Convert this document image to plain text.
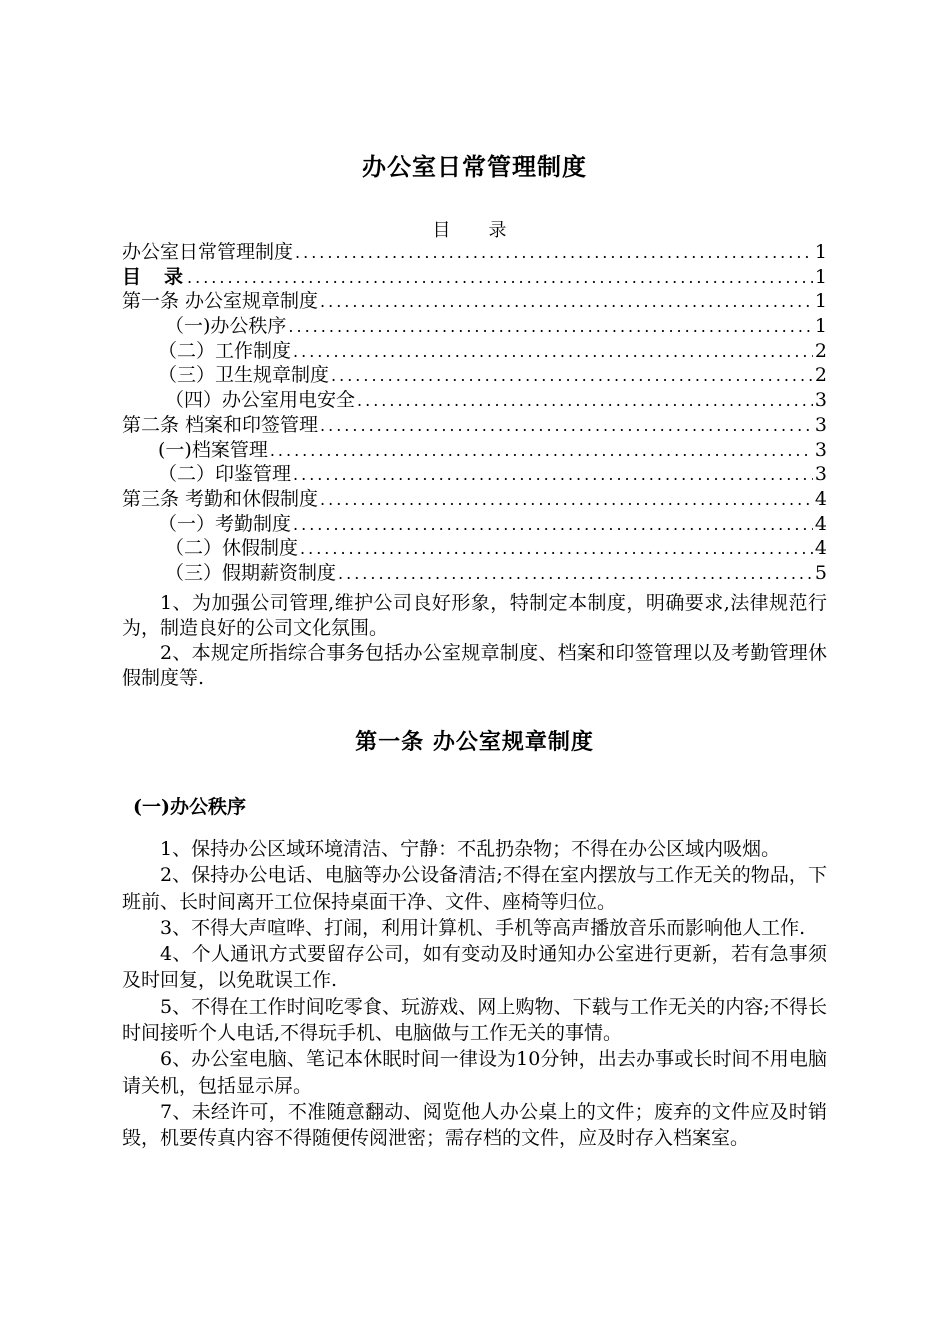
办公室日常管理制度
目　录
办公室日常管理制度 .....	1
目　录 .....	1
第一条 办公室规章制度 .....	1
（一)办公秩序 .....	1
（二）工作制度 .....	2
（三）卫生规章制度 .....	2
（四）办公室用电安全 .....	3
第二条 档案和印签管理 .....	3
(一)档案管理 .....	3
（二）印鉴管理 .....	3
第三条 考勤和休假制度 .....	4
（一）考勤制度 .....	4
（二）休假制度 .....	4
（三）假期薪资制度 .....	5

1、为加强公司管理,维护公司良好形象，特制定本制度，明确要求,法律规范行为，制造良好的公司文化氛围。

2、本规定所指综合事务包括办公室规章制度、档案和印签管理以及考勤管理休假制度等.

第一条 办公室规章制度
(一)办公秩序

1、保持办公区域环境清洁、宁静：不乱扔杂物；不得在办公区域内吸烟。

2、保持办公电话、电脑等办公设备清洁;不得在室内摆放与工作无关的物品，下班前、长时间离开工位保持桌面干净、文件、座椅等归位。

3、不得大声喧哗、打闹，利用计算机、手机等高声播放音乐而影响他人工作.

4、个人通讯方式要留存公司，如有变动及时通知办公室进行更新，若有急事须及时回复，以免耽误工作.

5、不得在工作时间吃零食、玩游戏、网上购物、下载与工作无关的内容;不得长时间接听个人电话,不得玩手机、电脑做与工作无关的事情。

6、办公室电脑、笔记本休眠时间一律设为10分钟，出去办事或长时间不用电脑请关机，包括显示屏。

7、未经许可，不准随意翻动、阅览他人办公桌上的文件；废弃的文件应及时销毁，机要传真内容不得随便传阅泄密；需存档的文件，应及时存入档案室。
